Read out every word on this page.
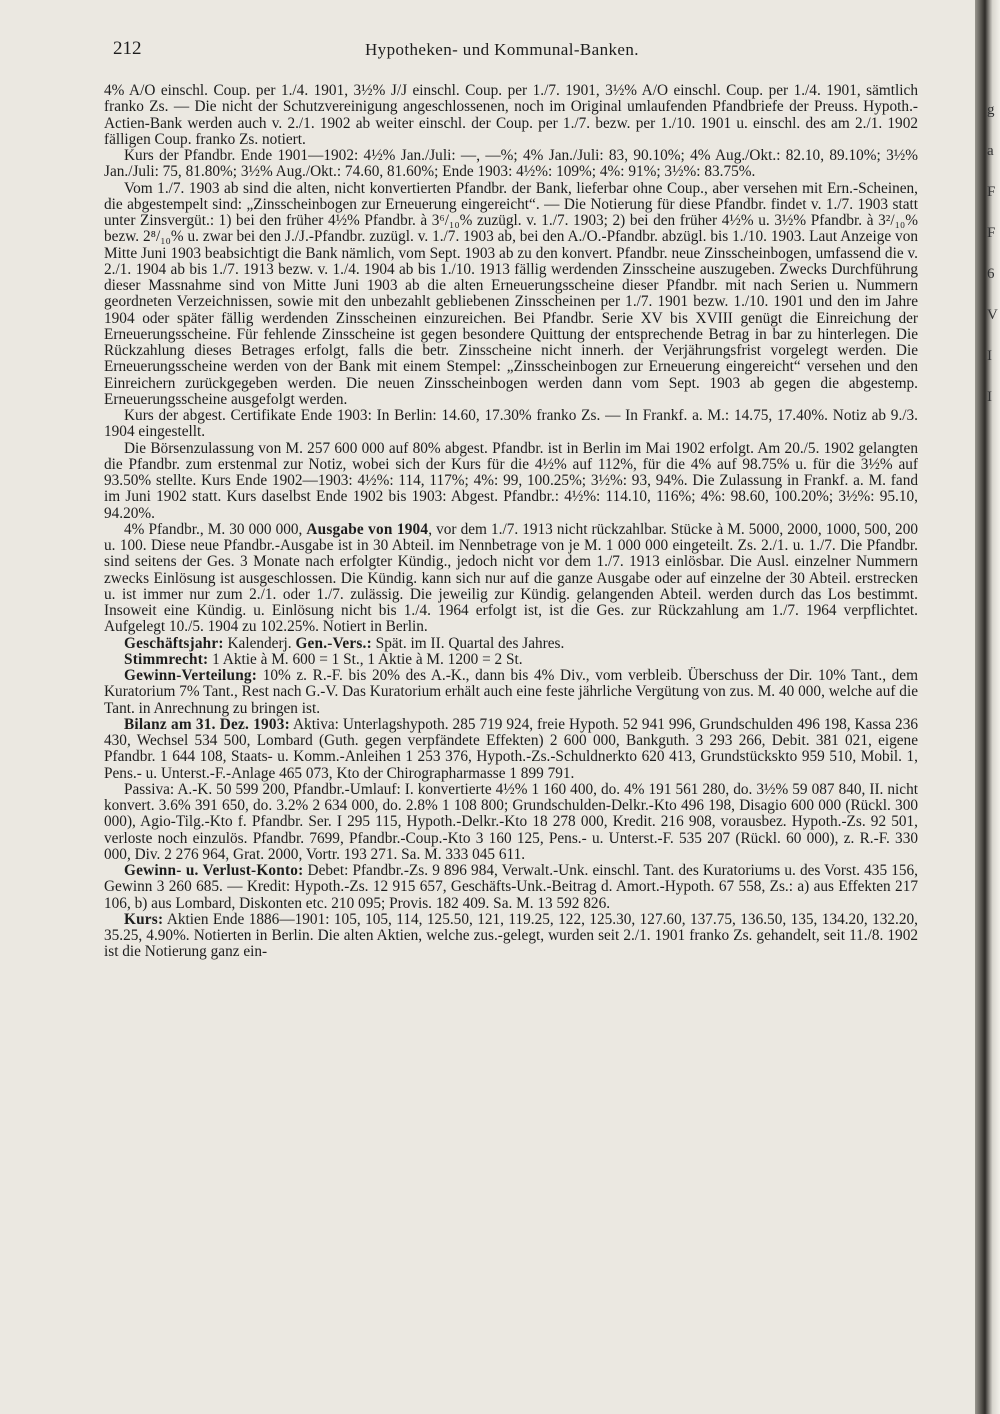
212	Hypotheken- und Kommunal-Banken.

4% A/O einschl. Coup. per 1./4. 1901, 3½% J/J einschl. Coup. per 1./7. 1901, 3½% A/O einschl. Coup. per 1./4. 1901, sämtlich franko Zs. — Die nicht der Schutzvereinigung angeschlossenen, noch im Original umlaufenden Pfandbriefe der Preuss. Hypoth.-Actien-Bank werden auch v. 2./1. 1902 ab weiter einschl. der Coup. per 1./7. bezw. per 1./10. 1901 u. einschl. des am 2./1. 1902 fälligen Coup. franko Zs. notiert.

Kurs der Pfandbr. Ende 1901—1902: 4½% Jan./Juli: —, —%; 4% Jan./Juli: 83, 90.10%; 4% Aug./Okt.: 82.10, 89.10%; 3½% Jan./Juli: 75, 81.80%; 3½% Aug./Okt.: 74.60, 81.60%; Ende 1903: 4½%: 109%; 4%: 91%; 3½%: 83.75%.

Vom 1./7. 1903 ab sind die alten, nicht konvertierten Pfandbr. der Bank, lieferbar ohne Coup., aber versehen mit Ern.-Scheinen, die abgestempelt sind: „Zinsscheinbogen zur Erneuerung eingereicht“. — Die Notierung für diese Pfandbr. findet v. 1./7. 1903 statt unter Zinsvergüt.: 1) bei den früher 4½% Pfandbr. à 3⁶/₁₀% zuzügl. v. 1./7. 1903; 2) bei den früher 4½% u. 3½% Pfandbr. à 3²/₁₀% bezw. 2⁸/₁₀% u. zwar bei den J./J.-Pfandbr. zuzügl. v. 1./7. 1903 ab, bei den A./O.-Pfandbr. abzügl. bis 1./10. 1903. Laut Anzeige von Mitte Juni 1903 beabsichtigt die Bank nämlich, vom Sept. 1903 ab zu den konvert. Pfandbr. neue Zinsscheinbogen, umfassend die v. 2./1. 1904 ab bis 1./7. 1913 bezw. v. 1./4. 1904 ab bis 1./10. 1913 fällig werdenden Zinsscheine auszugeben. Zwecks Durchführung dieser Massnahme sind von Mitte Juni 1903 ab die alten Erneuerungsscheine dieser Pfandbr. mit nach Serien u. Nummern geordneten Verzeichnissen, sowie mit den unbezahlt gebliebenen Zinsscheinen per 1./7. 1901 bezw. 1./10. 1901 und den im Jahre 1904 oder später fällig werdenden Zinsscheinen einzureichen. Bei Pfandbr. Serie XV bis XVIII genügt die Einreichung der Erneuerungsscheine. Für fehlende Zinsscheine ist gegen besondere Quittung der entsprechende Betrag in bar zu hinterlegen. Die Rückzahlung dieses Betrages erfolgt, falls die betr. Zinsscheine nicht innerh. der Verjährungsfrist vorgelegt werden. Die Erneuerungsscheine werden von der Bank mit einem Stempel: „Zinsscheinbogen zur Erneuerung eingereicht“ versehen und den Einreichern zurückgegeben werden. Die neuen Zinsscheinbogen werden dann vom Sept. 1903 ab gegen die abgestemp. Erneuerungsscheine ausgefolgt werden.

Kurs der abgest. Certifikate Ende 1903: In Berlin: 14.60, 17.30% franko Zs. — In Frankf. a. M.: 14.75, 17.40%. Notiz ab 9./3. 1904 eingestellt.

Die Börsenzulassung von M. 257 600 000 auf 80% abgest. Pfandbr. ist in Berlin im Mai 1902 erfolgt. Am 20./5. 1902 gelangten die Pfandbr. zum erstenmal zur Notiz, wobei sich der Kurs für die 4½% auf 112%, für die 4% auf 98.75% u. für die 3½% auf 93.50% stellte. Kurs Ende 1902—1903: 4½%: 114, 117%; 4%: 99, 100.25%; 3½%: 93, 94%. Die Zulassung in Frankf. a. M. fand im Juni 1902 statt. Kurs daselbst Ende 1902 bis 1903: Abgest. Pfandbr.: 4½%: 114.10, 116%; 4%: 98.60, 100.20%; 3½%: 95.10, 94.20%.

4% Pfandbr., M. 30 000 000, Ausgabe von 1904, vor dem 1./7. 1913 nicht rückzahlbar. Stücke à M. 5000, 2000, 1000, 500, 200 u. 100. Diese neue Pfandbr.-Ausgabe ist in 30 Abteil. im Nennbetrage von je M. 1 000 000 eingeteilt. Zs. 2./1. u. 1./7. Die Pfandbr. sind seitens der Ges. 3 Monate nach erfolgter Kündig., jedoch nicht vor dem 1./7. 1913 einlösbar. Die Ausl. einzelner Nummern zwecks Einlösung ist ausgeschlossen. Die Kündig. kann sich nur auf die ganze Ausgabe oder auf einzelne der 30 Abteil. erstrecken u. ist immer nur zum 2./1. oder 1./7. zulässig. Die jeweilig zur Kündig. gelangenden Abteil. werden durch das Los bestimmt. Insoweit eine Kündig. u. Einlösung nicht bis 1./4. 1964 erfolgt ist, ist die Ges. zur Rückzahlung am 1./7. 1964 verpflichtet. Aufgelegt 10./5. 1904 zu 102.25%. Notiert in Berlin.

Geschäftsjahr: Kalenderj. Gen.-Vers.: Spät. im II. Quartal des Jahres.

Stimmrecht: 1 Aktie à M. 600 = 1 St., 1 Aktie à M. 1200 = 2 St.

Gewinn-Verteilung: 10% z. R.-F. bis 20% des A.-K., dann bis 4% Div., vom verbleib. Überschuss der Dir. 10% Tant., dem Kuratorium 7% Tant., Rest nach G.-V. Das Kuratorium erhält auch eine feste jährliche Vergütung von zus. M. 40 000, welche auf die Tant. in Anrechnung zu bringen ist.

Bilanz am 31. Dez. 1903: Aktiva: Unterlagshypoth. 285 719 924, freie Hypoth. 52 941 996, Grundschulden 496 198, Kassa 236 430, Wechsel 534 500, Lombard (Guth. gegen verpfändete Effekten) 2 600 000, Bankguth. 3 293 266, Debit. 381 021, eigene Pfandbr. 1 644 108, Staats- u. Komm.-Anleihen 1 253 376, Hypoth.-Zs.-Schuldnerkto 620 413, Grundstückskto 959 510, Mobil. 1, Pens.- u. Unterst.-F.-Anlage 465 073, Kto der Chirographarmasse 1 899 791.

Passiva: A.-K. 50 599 200, Pfandbr.-Umlauf: I. konvertierte 4½% 1 160 400, do. 4% 191 561 280, do. 3½% 59 087 840, II. nicht konvert. 3.6% 391 650, do. 3.2% 2 634 000, do. 2.8% 1 108 800; Grundschulden-Delkr.-Kto 496 198, Disagio 600 000 (Rückl. 300 000), Agio-Tilg.-Kto f. Pfandbr. Ser. I 295 115, Hypoth.-Delkr.-Kto 18 278 000, Kredit. 216 908, vorausbez. Hypoth.-Zs. 92 501, verloste noch einzulös. Pfandbr. 7699, Pfandbr.-Coup.-Kto 3 160 125, Pens.- u. Unterst.-F. 535 207 (Rückl. 60 000), z. R.-F. 330 000, Div. 2 276 964, Grat. 2000, Vortr. 193 271. Sa. M. 333 045 611.

Gewinn- u. Verlust-Konto: Debet: Pfandbr.-Zs. 9 896 984, Verwalt.-Unk. einschl. Tant. des Kuratoriums u. des Vorst. 435 156, Gewinn 3 260 685. — Kredit: Hypoth.-Zs. 12 915 657, Geschäfts-Unk.-Beitrag d. Amort.-Hypoth. 67 558, Zs.: a) aus Effekten 217 106, b) aus Lombard, Diskonten etc. 210 095; Provis. 182 409. Sa. M. 13 592 826.

Kurs: Aktien Ende 1886—1901: 105, 105, 114, 125.50, 121, 119.25, 122, 125.30, 127.60, 137.75, 136.50, 135, 134.20, 132.20, 35.25, 4.90%. Notierten in Berlin. Die alten Aktien, welche zus.-gelegt, wurden seit 2./1. 1901 franko Zs. gehandelt, seit 11./8. 1902 ist die Notierung ganz ein-

g
a
F
F
6
V
I
I
